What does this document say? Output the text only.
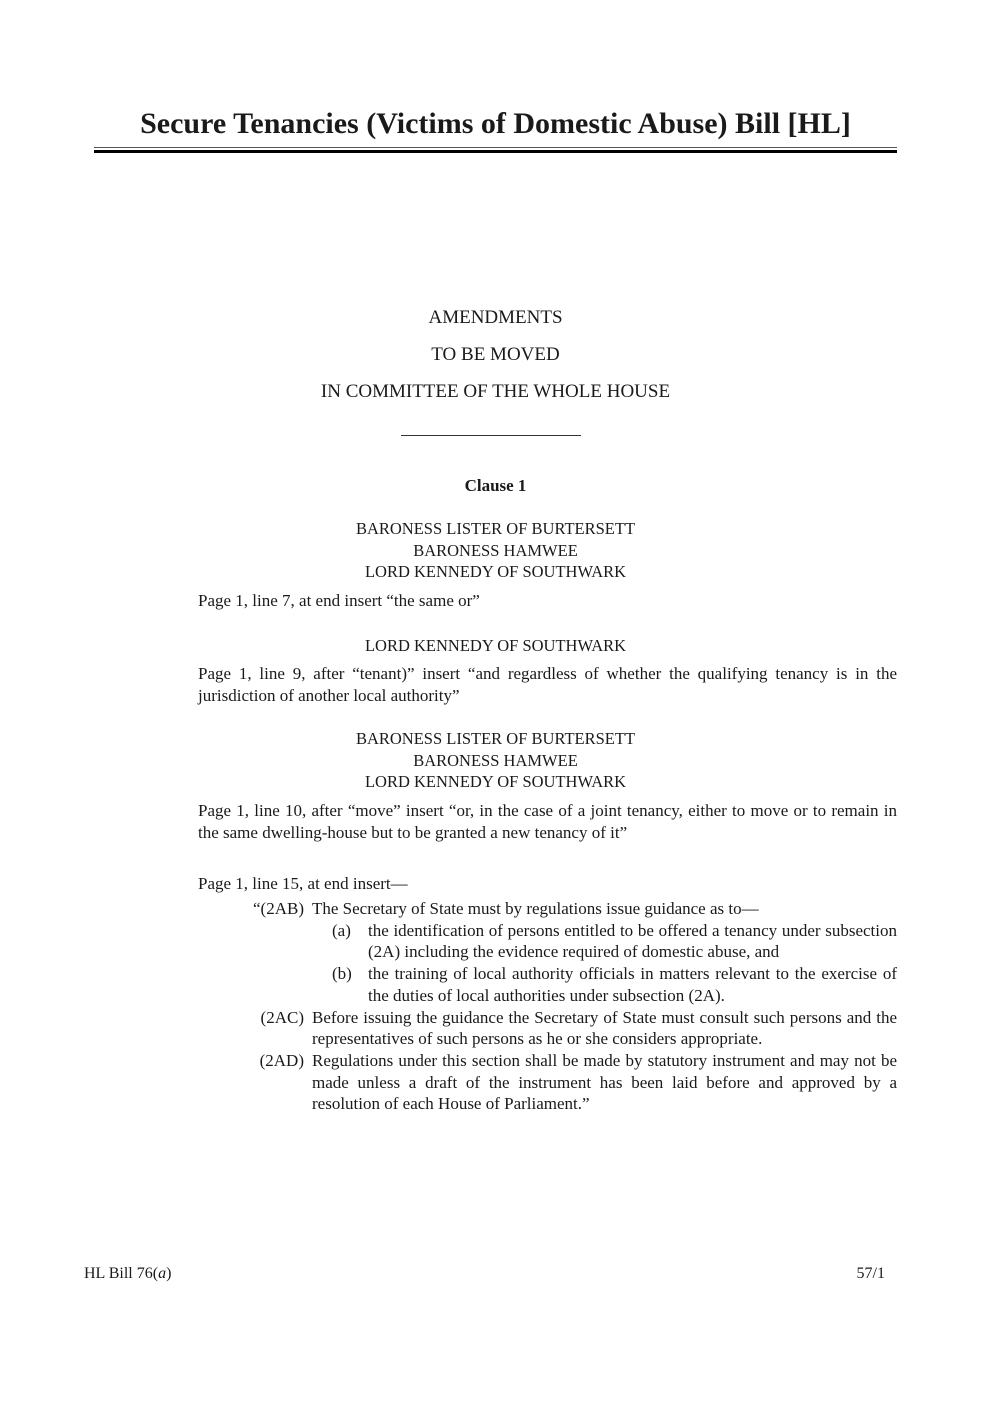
Secure Tenancies (Victims of Domestic Abuse) Bill [HL]
AMENDMENTS
TO BE MOVED
IN COMMITTEE OF THE WHOLE HOUSE
Clause 1
BARONESS LISTER OF BURTERSETT
BARONESS HAMWEE
LORD KENNEDY OF SOUTHWARK
Page 1, line 7, at end insert “the same or”
LORD KENNEDY OF SOUTHWARK
Page 1, line 9, after “tenant)” insert “and regardless of whether the qualifying tenancy is in the jurisdiction of another local authority”
BARONESS LISTER OF BURTERSETT
BARONESS HAMWEE
LORD KENNEDY OF SOUTHWARK
Page 1, line 10, after “move” insert “or, in the case of a joint tenancy, either to move or to remain in the same dwelling-house but to be granted a new tenancy of it”
Page 1, line 15, at end insert—
“(2AB) The Secretary of State must by regulations issue guidance as to—
(a) the identification of persons entitled to be offered a tenancy under subsection (2A) including the evidence required of domestic abuse, and
(b) the training of local authority officials in matters relevant to the exercise of the duties of local authorities under subsection (2A).
(2AC) Before issuing the guidance the Secretary of State must consult such persons and the representatives of such persons as he or she considers appropriate.
(2AD) Regulations under this section shall be made by statutory instrument and may not be made unless a draft of the instrument has been laid before and approved by a resolution of each House of Parliament.”
HL Bill 76(a)	57/1
